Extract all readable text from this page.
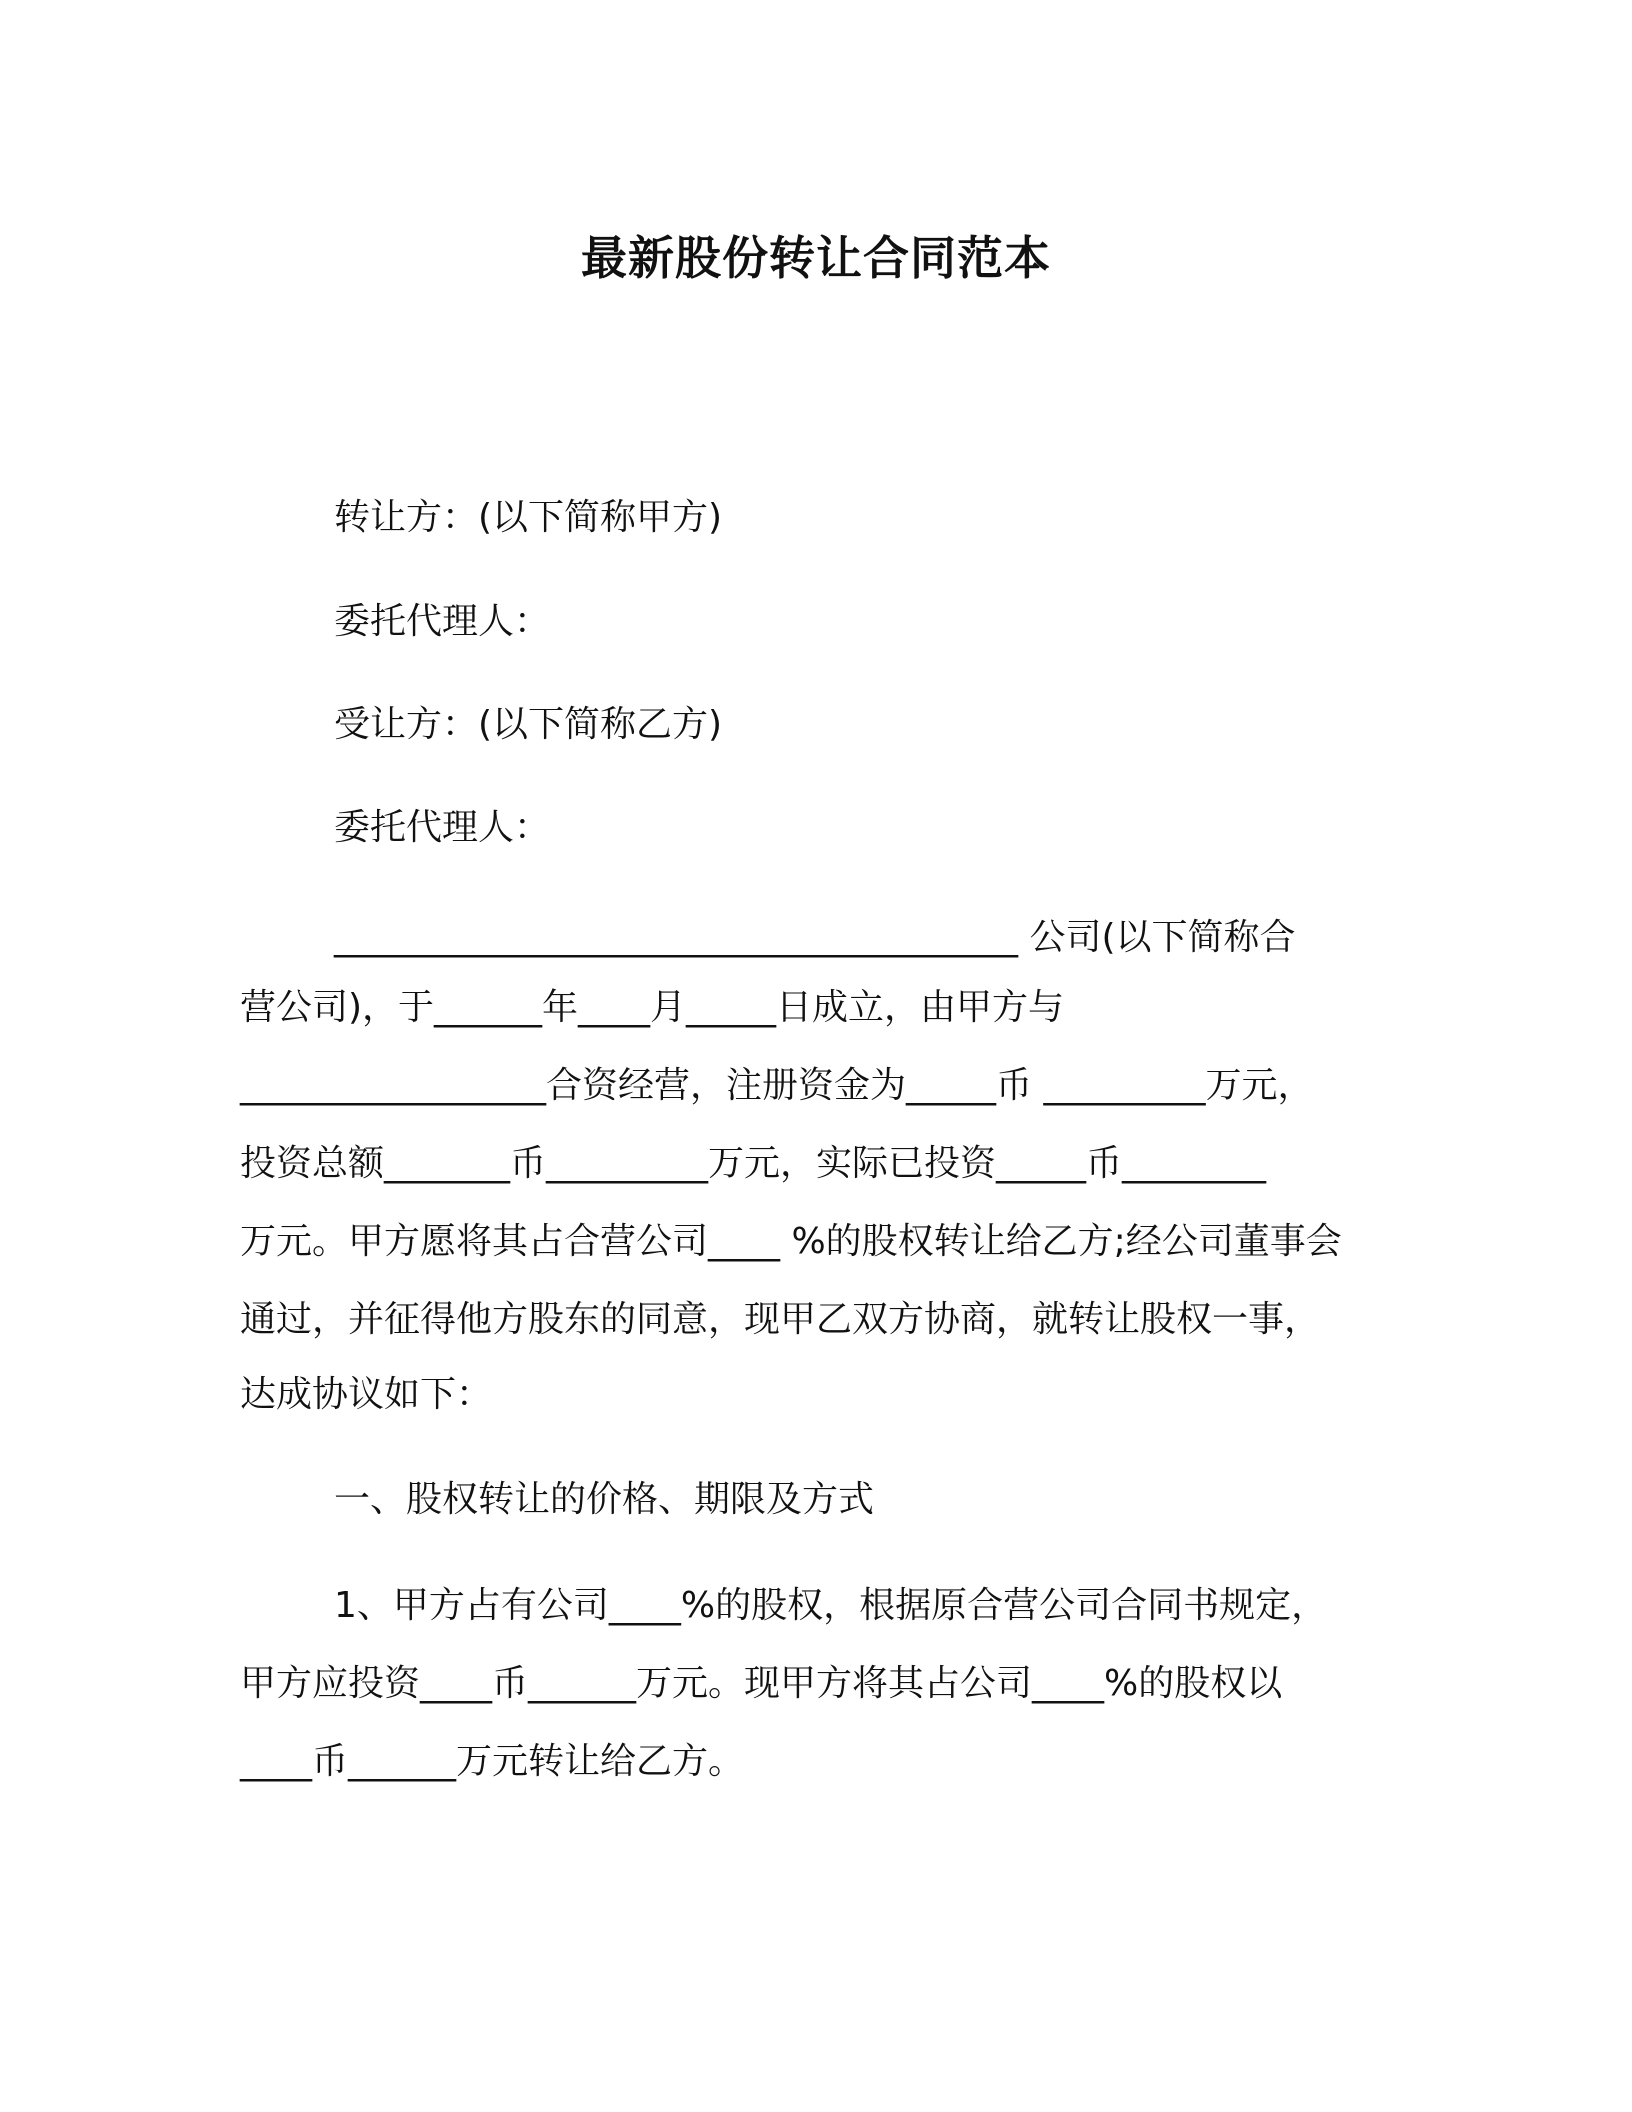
最新股份转让合同范本

转让方：(以下简称甲方)

委托代理人：

受让方：(以下简称乙方)

委托代理人：

______________________________________ 公司(以下简称合

营公司)，于______年____月_____日成立，由甲方与

_________________合资经营，注册资金为_____币 _________万元，

投资总额_______币_________万元，实际已投资_____币________

万元。甲方愿将其占合营公司____ %的股权转让给乙方;经公司董事会

通过，并征得他方股东的同意，现甲乙双方协商，就转让股权一事，

达成协议如下：

一、股权转让的价格、期限及方式

1、甲方占有公司____%的股权，根据原合营公司合同书规定，

甲方应投资____币______万元。现甲方将其占公司____%的股权以

____币______万元转让给乙方。
